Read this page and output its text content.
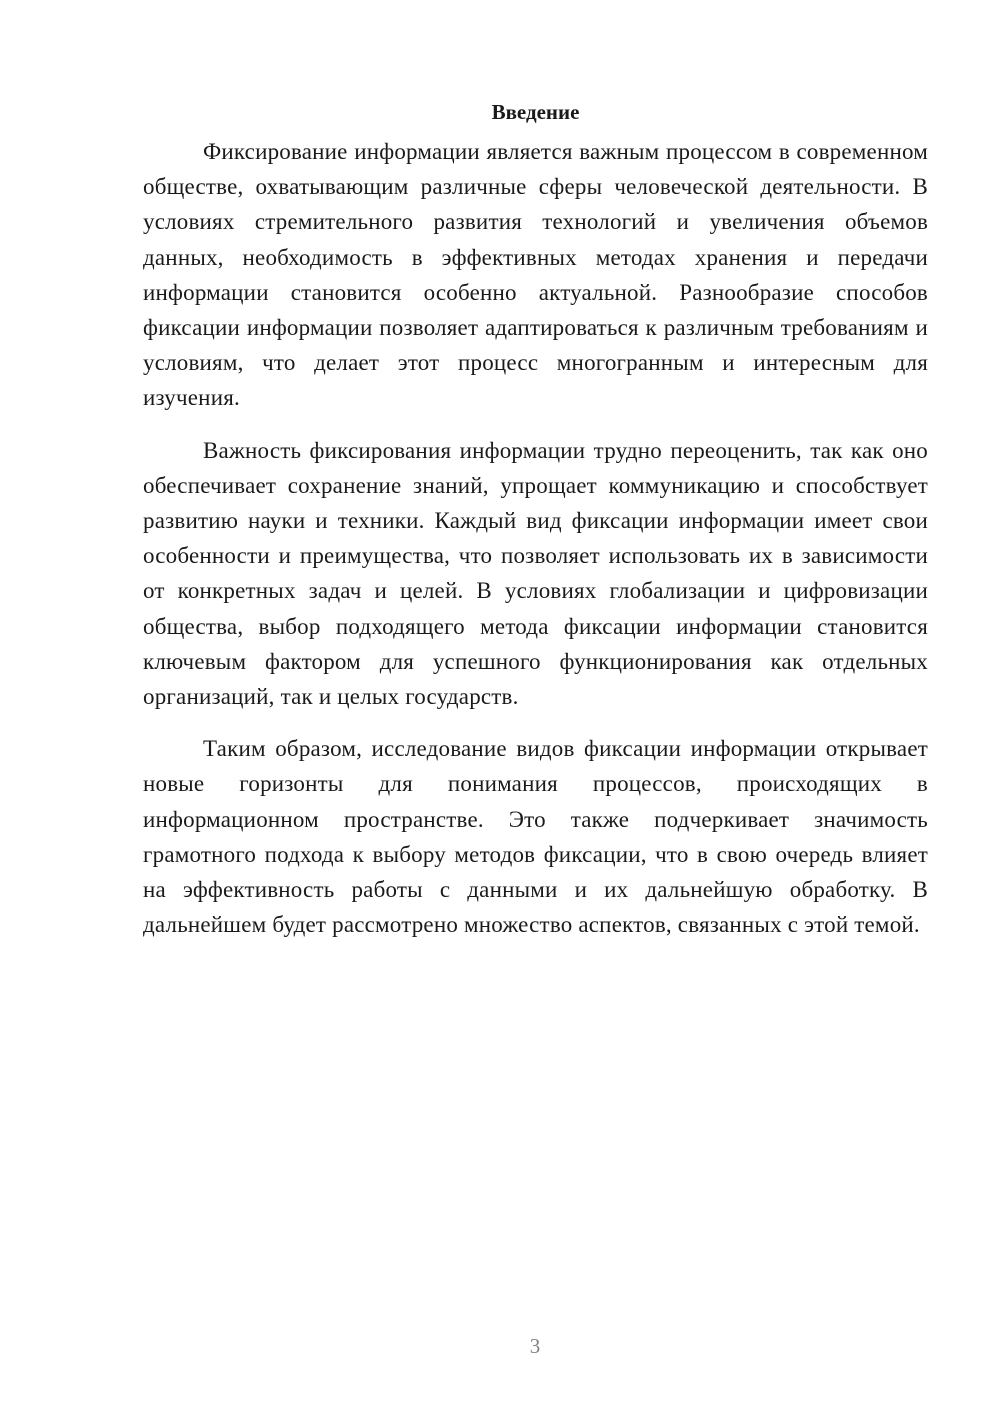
Введение

Фиксирование информации является важным процессом в современном обществе, охватывающим различные сферы человеческой деятельности. В условиях стремительного развития технологий и увеличения объемов данных, необходимость в эффективных методах хранения и передачи информации становится особенно актуальной. Разнообразие способов фиксации информации позволяет адаптироваться к различным требованиям и условиям, что делает этот процесс многогранным и интересным для изучения.

Важность фиксирования информации трудно переоценить, так как оно обеспечивает сохранение знаний, упрощает коммуникацию и способствует развитию науки и техники. Каждый вид фиксации информации имеет свои особенности и преимущества, что позволяет использовать их в зависимости от конкретных задач и целей. В условиях глобализации и цифровизации общества, выбор подходящего метода фиксации информации становится ключевым фактором для успешного функционирования как отдельных организаций, так и целых государств.

Таким образом, исследование видов фиксации информации открывает новые горизонты для понимания процессов, происходящих в информационном пространстве. Это также подчеркивает значимость грамотного подхода к выбору методов фиксации, что в свою очередь влияет на эффективность работы с данными и их дальнейшую обработку. В дальнейшем будет рассмотрено множество аспектов, связанных с этой темой.

3
